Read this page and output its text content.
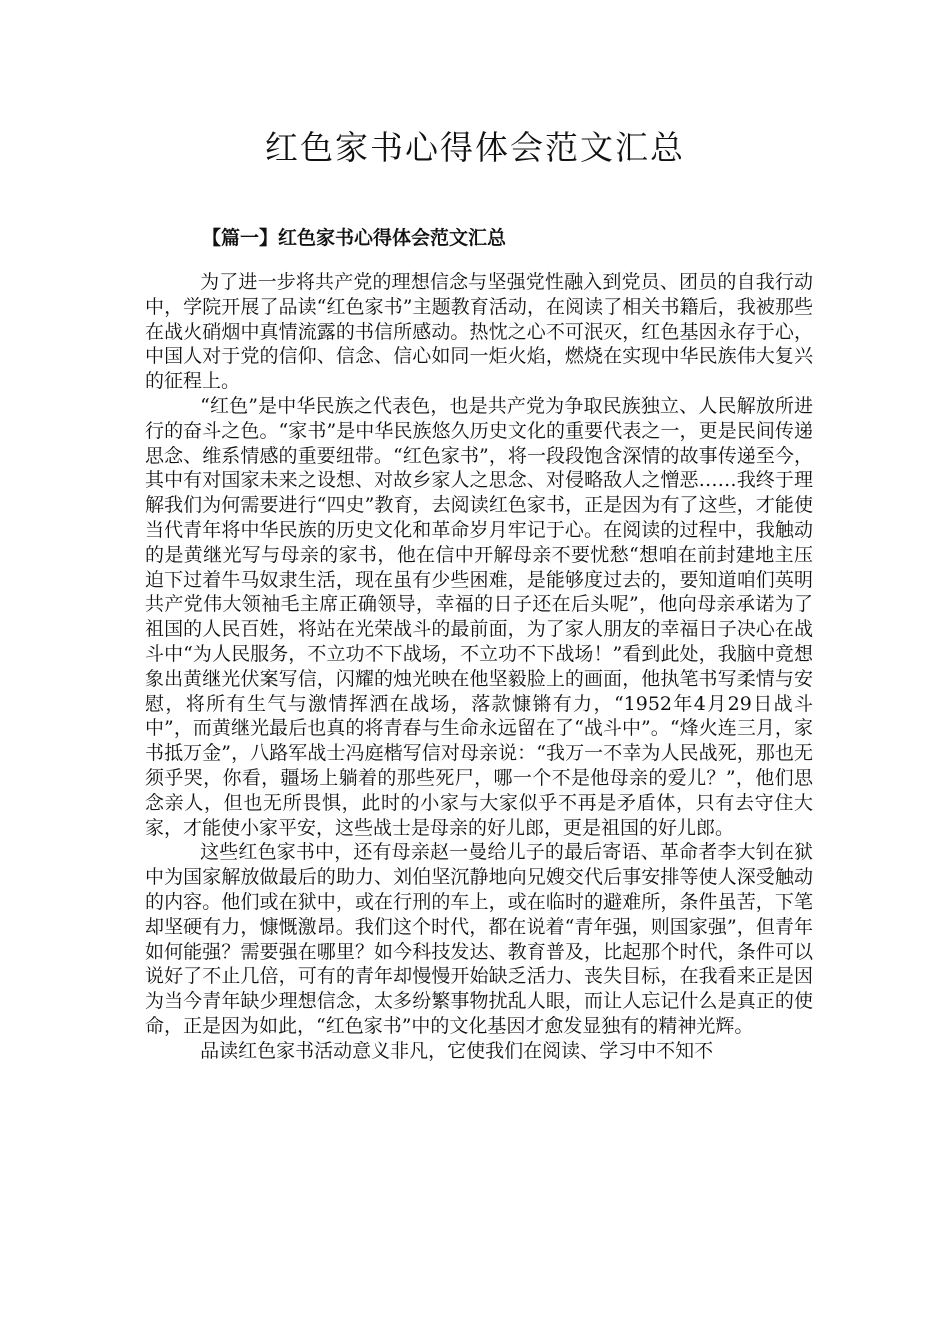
红色家书心得体会范文汇总
【篇一】红色家书心得体会范文汇总

为了进一步将共产党的理想信念与坚强党性融入到党员、团员的自我行动中，学院开展了品读“红色家书”主题教育活动，在阅读了相关书籍后，我被那些在战火硝烟中真情流露的书信所感动。热忱之心不可泯灭，红色基因永存于心，中国人对于党的信仰、信念、信心如同一炬火焰，燃烧在实现中华民族伟大复兴的征程上。

“红色”是中华民族之代表色，也是共产党为争取民族独立、人民解放所进行的奋斗之色。“家书”是中华民族悠久历史文化的重要代表之一，更是民间传递思念、维系情感的重要纽带。“红色家书”，将一段段饱含深情的故事传递至今，其中有对国家未来之设想、对故乡家人之思念、对侵略敌人之憎恶……我终于理解我们为何需要进行“四史”教育，去阅读红色家书，正是因为有了这些，才能使当代青年将中华民族的历史文化和革命岁月牢记于心。在阅读的过程中，我触动的是黄继光写与母亲的家书，他在信中开解母亲不要忧愁“想咱在前封建地主压迫下过着牛马奴隶生活，现在虽有少些困难，是能够度过去的，要知道咱们英明共产党伟大领袖毛主席正确领导，幸福的日子还在后头呢”，他向母亲承诺为了祖国的人民百姓，将站在光荣战斗的最前面，为了家人朋友的幸福日子决心在战斗中“为人民服务，不立功不下战场，不立功不下战场！”看到此处，我脑中竟想象出黄继光伏案写信，闪耀的烛光映在他坚毅脸上的画面，他执笔书写柔情与安慰，将所有生气与激情挥洒在战场，落款慷锵有力，“1952年4月29日战斗中”，而黄继光最后也真的将青春与生命永远留在了“战斗中”。“烽火连三月，家书抵万金”，八路军战士冯庭楷写信对母亲说：“我万一不幸为人民战死，那也无须乎哭，你看，疆场上躺着的那些死尸，哪一个不是他母亲的爱儿？”，他们思念亲人，但也无所畏惧，此时的小家与大家似乎不再是矛盾体，只有去守住大家，才能使小家平安，这些战士是母亲的好儿郎，更是祖国的好儿郎。

这些红色家书中，还有母亲赵一曼给儿子的最后寄语、革命者李大钊在狱中为国家解放做最后的助力、刘伯坚沉静地向兄嫂交代后事安排等使人深受触动的内容。他们或在狱中，或在行刑的车上，或在临时的避难所，条件虽苦，下笔却坚硬有力，慷慨激昂。我们这个时代，都在说着“青年强，则国家强”，但青年如何能强？需要强在哪里？如今科技发达、教育普及，比起那个时代，条件可以说好了不止几倍，可有的青年却慢慢开始缺乏活力、丧失目标，在我看来正是因为当今青年缺少理想信念，太多纷繁事物扰乱人眼，而让人忘记什么是真正的使命，正是因为如此，“红色家书”中的文化基因才愈发显独有的精神光辉。

品读红色家书活动意义非凡，它使我们在阅读、学习中不知不
